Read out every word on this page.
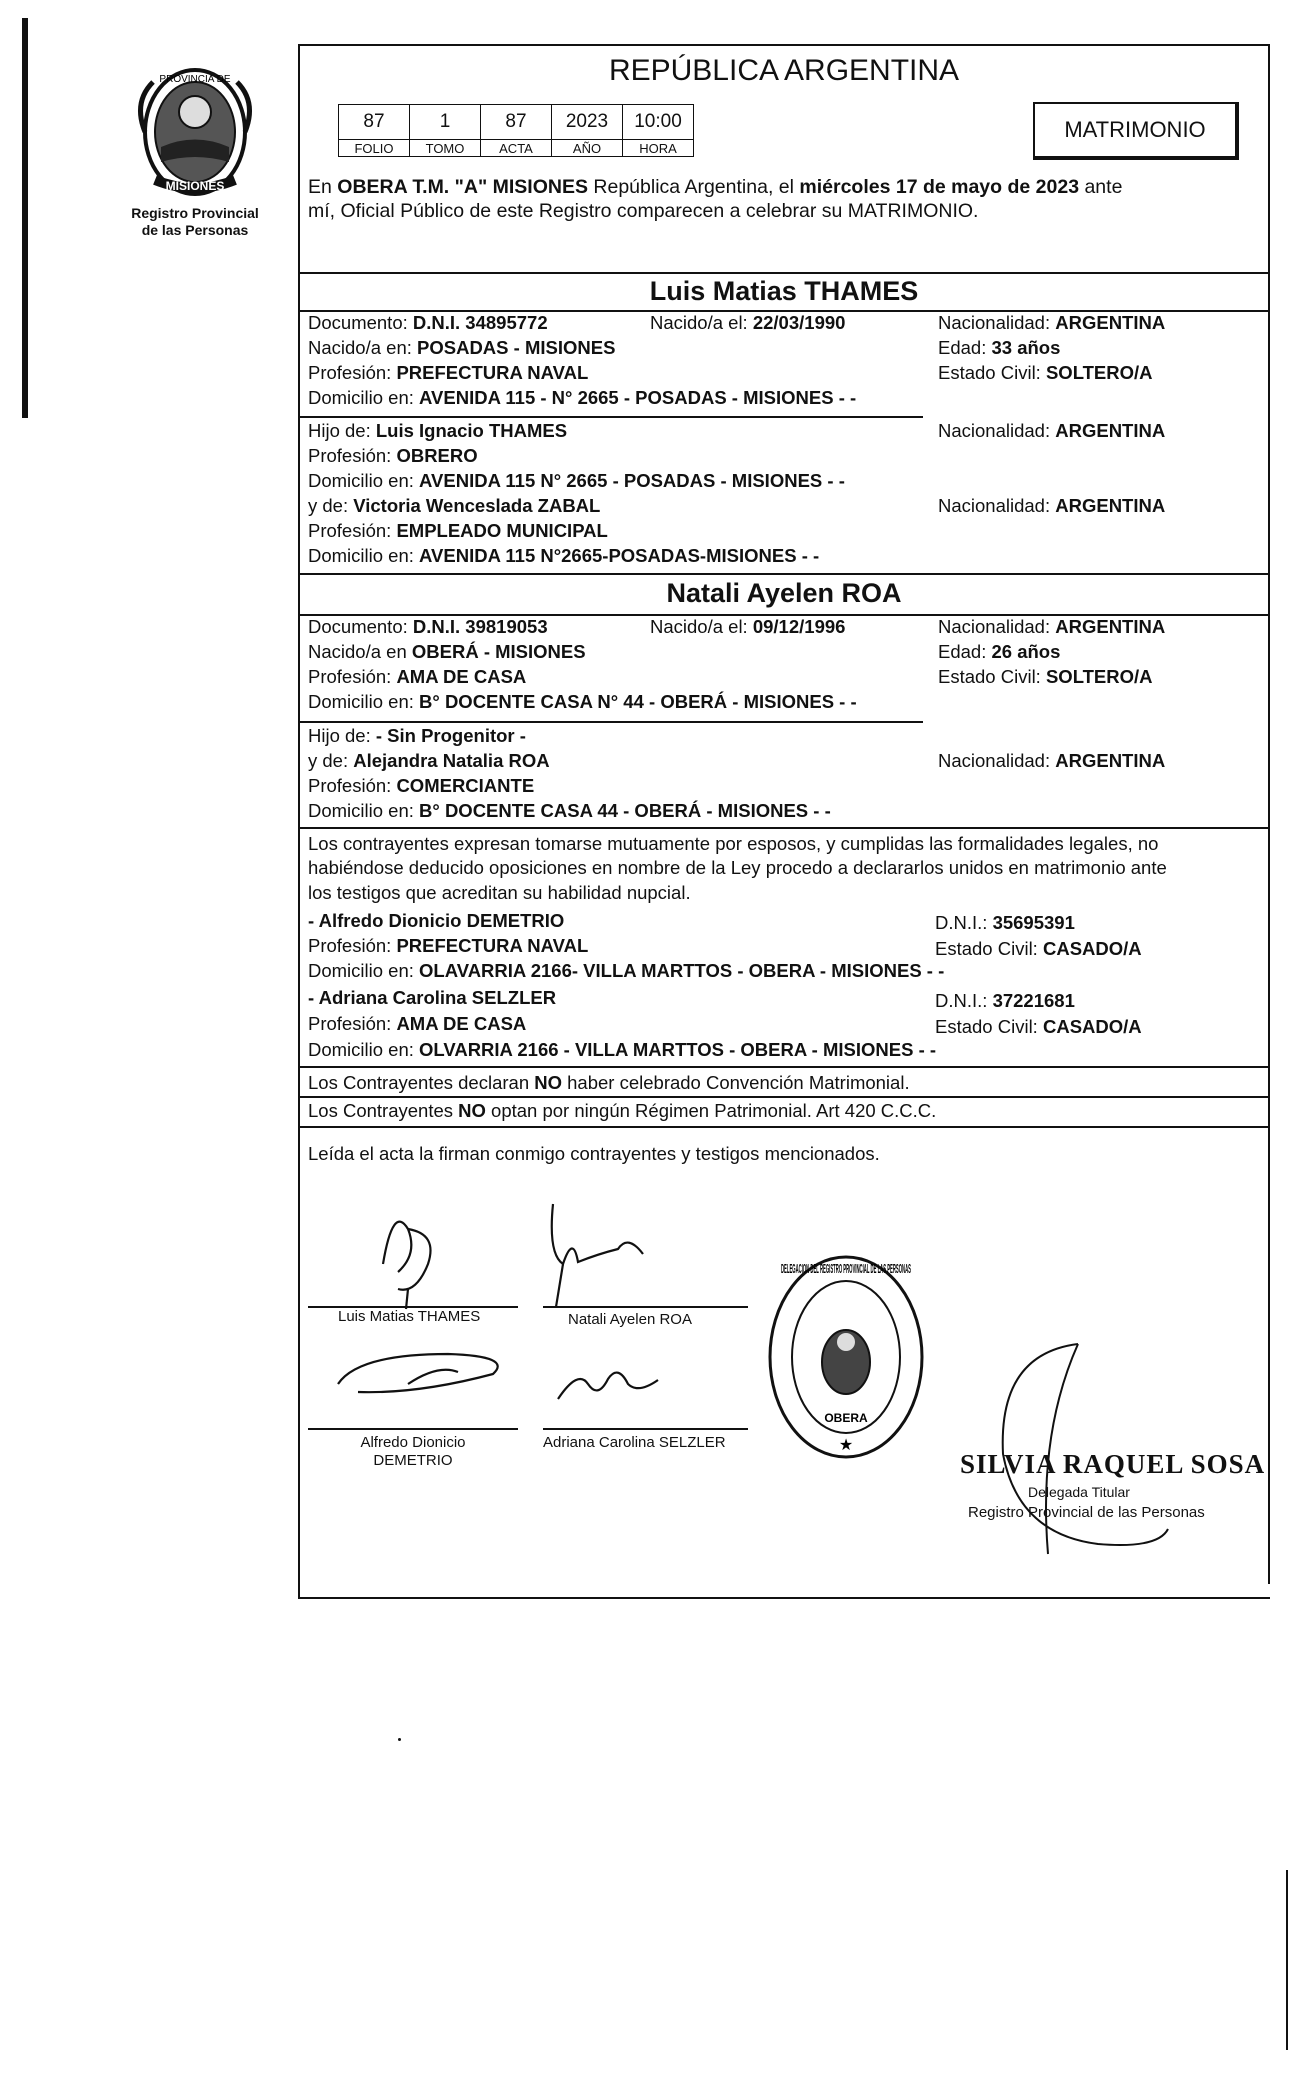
PROVINCIA DE
MISIONES
Registro Provincial
de las Personas
REPÚBLICA ARGENTINA
87	1	87	2023	10:00
FOLIO	TOMO	ACTA	AÑO	HORA
MATRIMONIO
En OBERA T.M. "A" MISIONES República Argentina, el miércoles 17 de mayo de 2023 ante
mí, Oficial Público de este Registro comparecen a celebrar su MATRIMONIO.
Luis Matias THAMES
Documento: D.N.I. 34895772	Nacido/a el: 22/03/1990	Nacionalidad: ARGENTINA
Nacido/a en: POSADAS - MISIONES	Edad: 33 años
Profesión: PREFECTURA NAVAL	Estado Civil: SOLTERO/A
Domicilio en: AVENIDA 115 - N° 2665 - POSADAS - MISIONES - -
Hijo de: Luis Ignacio THAMES	Nacionalidad: ARGENTINA
Profesión: OBRERO
Domicilio en: AVENIDA 115 N° 2665 - POSADAS - MISIONES - -
y de: Victoria Wenceslada ZABAL	Nacionalidad: ARGENTINA
Profesión: EMPLEADO MUNICIPAL
Domicilio en: AVENIDA 115 N°2665-POSADAS-MISIONES - -
Natali Ayelen ROA
Documento: D.N.I. 39819053	Nacido/a el: 09/12/1996	Nacionalidad: ARGENTINA
Nacido/a en OBERÁ - MISIONES	Edad: 26 años
Profesión: AMA DE CASA	Estado Civil: SOLTERO/A
Domicilio en: B° DOCENTE CASA N° 44 - OBERÁ - MISIONES - -
Hijo de: - Sin Progenitor -
y de: Alejandra Natalia ROA	Nacionalidad: ARGENTINA
Profesión: COMERCIANTE
Domicilio en: B° DOCENTE CASA 44 - OBERÁ - MISIONES - -
Los contrayentes expresan tomarse mutuamente por esposos, y cumplidas las formalidades legales, no
habiéndose deducido oposiciones en nombre de la Ley procedo a declararlos unidos en matrimonio ante
los testigos que acreditan su habilidad nupcial.
- Alfredo Dionicio DEMETRIO	D.N.I.: 35695391
Profesión: PREFECTURA NAVAL	Estado Civil: CASADO/A
Domicilio en: OLAVARRIA 2166- VILLA MARTTOS - OBERA - MISIONES - -
- Adriana Carolina SELZLER	D.N.I.: 37221681
Profesión: AMA DE CASA	Estado Civil: CASADO/A
Domicilio en: OLVARRIA 2166 - VILLA MARTTOS - OBERA - MISIONES - -
Los Contrayentes declaran NO haber celebrado Convención Matrimonial.
Los Contrayentes NO optan por ningún Régimen Patrimonial. Art 420 C.C.C.
Leída el acta la firman conmigo contrayentes y testigos mencionados.
Luis Matias THAMES	Natali Ayelen ROA
Alfredo Dionicio
DEMETRIO
Adriana Carolina SELZLER
DELEGACION DEL REGISTRO PROVINCIAL DE LAS PERSONAS
OBERA
★
SILVIA RAQUEL SOSA
Delegada Titular
Registro Provincial de las Personas
